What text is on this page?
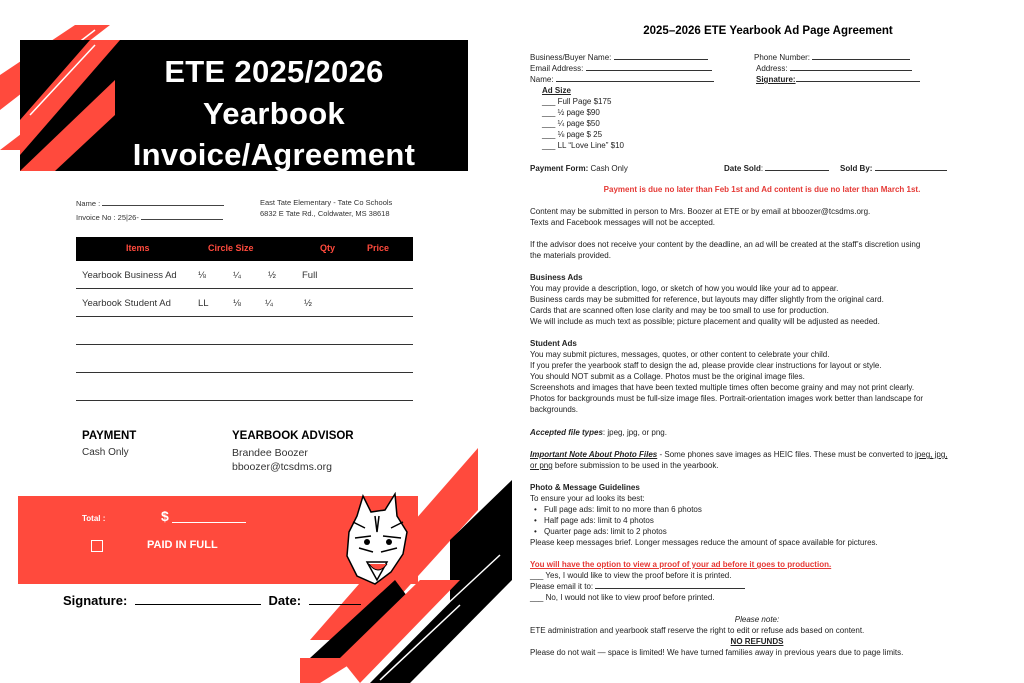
ETE 2025/2026
Yearbook
Invoice/Agreement
Name :
Invoice No : 25|26-
East Tate Elementary - Tate Co Schools
6832 E Tate Rd., Coldwater, MS 38618
Items	Circle Size	Qty	Price
Yearbook Business Ad ⅛	¼	½	Full
Yearbook Student Ad	LL	⅛	¼	½
PAYMENT
Cash Only
YEARBOOK ADVISOR
Brandee Boozer
bboozer@tcsdms.org
Total :	$
PAID IN FULL
Signature:	Date:
2025–2026 ETE Yearbook Ad Page Agreement
Business/Buyer Name:
Email Address:
Name:
Phone Number:
Address:
Signature:
Ad Size
___ Full Page $175
___ ½ page $90
___ ¼ page $50
___ ⅛ page $ 25
___ LL “Love Line” $10
Payment Form: Cash Only	Date Sold:	Sold By:
Payment is due no later than Feb 1st and Ad content is due no later than March 1st.
Content may be submitted in person to Mrs. Boozer at ETE or by email at bboozer@tcsdms.org.
Texts and Facebook messages will not be accepted.
If the advisor does not receive your content by the deadline, an ad will be created at the staff’s discretion using
the materials provided.
Business Ads
You may provide a description, logo, or sketch of how you would like your ad to appear.
Business cards may be submitted for reference, but layouts may differ slightly from the original card.
Cards that are scanned often lose clarity and may be too small to use for production.
We will include as much text as possible; picture placement and quality will be adjusted as needed.
Student Ads
You may submit pictures, messages, quotes, or other content to celebrate your child.
If you prefer the yearbook staff to design the ad, please provide clear instructions for layout or style.
You should NOT submit as a Collage. Photos must be the original image files.
Screenshots and images that have been texted multiple times often become grainy and may not print clearly.
Photos for backgrounds must be full-size image files. Portrait-orientation images work better than landscape for
backgrounds.
Accepted file types: jpeg, jpg, or png.
Important Note About Photo Files - Some phones save images as HEIC files. These must be converted to jpeg, jpg,
or png before submission to be used in the yearbook.
Photo & Message Guidelines
To ensure your ad looks its best:
• Full page ads: limit to no more than 6 photos
• Half page ads: limit to 4 photos
• Quarter page ads: limit to 2 photos
Please keep messages brief. Longer messages reduce the amount of space available for pictures.
You will have the option to view a proof of your ad before it goes to production.
___ Yes, I would like to view the proof before it is printed.
Please email it to:
___ No, I would not like to view proof before printed.
Please note:
ETE administration and yearbook staff reserve the right to edit or refuse ads based on content.
NO REFUNDS
Please do not wait — space is limited! We have turned families away in previous years due to page limits.
